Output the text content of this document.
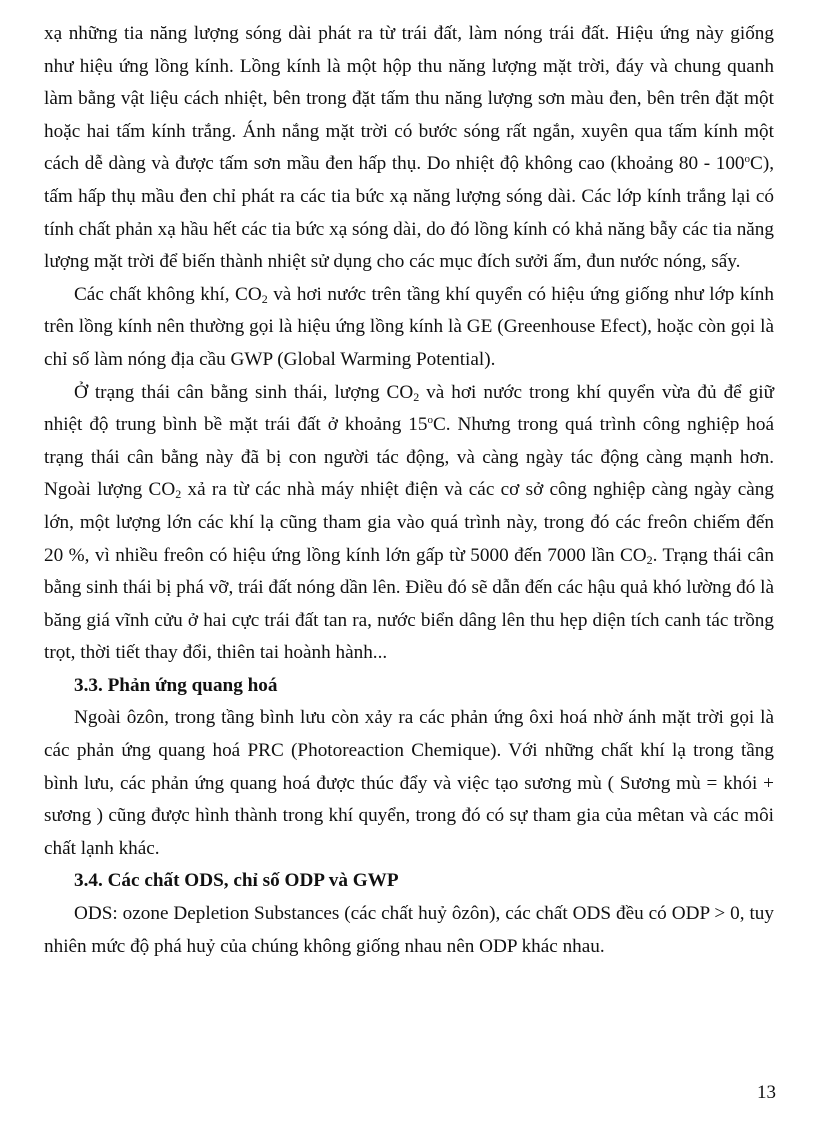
xạ những tia năng lượng sóng dài phát ra từ trái đất, làm nóng trái đất. Hiệu ứng này giống như hiệu ứng lồng kính. Lồng kính là một hộp thu năng lượng mặt trời, đáy và chung quanh làm bằng vật liệu cách nhiệt, bên trong đặt tấm thu năng lượng sơn màu đen, bên trên đặt một hoặc hai tấm kính trắng. Ánh nắng mặt trời có bước sóng rất ngắn, xuyên qua tấm kính một cách dễ dàng và được tấm sơn mầu đen hấp thụ. Do nhiệt độ không cao (khoảng 80 - 100$^o$C), tấm hấp thụ mầu đen chỉ phát ra các tia bức xạ năng lượng sóng dài. Các lớp kính trắng lại có tính chất phản xạ hầu hết các tia bức xạ sóng dài, do đó lồng kính có khả năng bẫy các tia năng lượng mặt trời để biến thành nhiệt sử dụng cho các mục đích sưởi ấm, đun nước nóng, sấy.

Các chất không khí, $CO_2$ và hơi nước trên tầng khí quyển có hiệu ứng giống như lớp kính trên lồng kính nên thường gọi là hiệu ứng lồng kính là GE (Greenhouse Efect), hoặc còn gọi là chỉ số làm nóng địa cầu GWP (Global Warming Potential).

Ở trạng thái cân bằng sinh thái, lượng $CO_2$ và hơi nước trong khí quyển vừa đủ để giữ nhiệt độ trung bình bề mặt trái đất ở khoảng 15$^o$C. Nhưng trong quá trình công nghiệp hoá trạng thái cân bằng này đã bị con người tác động, và càng ngày tác động càng mạnh hơn. Ngoài lượng $CO_2$ xả ra từ các nhà máy nhiệt điện và các cơ sở công nghiệp càng ngày càng lớn, một lượng lớn các khí lạ cũng tham gia vào quá trình này, trong đó các freôn chiếm đến 20 %, vì nhiều freôn có hiệu ứng lồng kính lớn gấp từ 5000 đến 7000 lần $CO_2$. Trạng thái cân bằng sinh thái bị phá vỡ, trái đất nóng dần lên. Điều đó sẽ dẫn đến các hậu quả khó lường đó là băng giá vĩnh cửu ở hai cực trái đất tan ra, nước biển dâng lên thu hẹp diện tích canh tác trồng trọt, thời tiết thay đổi, thiên tai hoành hành...

3.3. Phản ứng quang hoá

Ngoài ôzôn, trong tầng bình lưu còn xảy ra các phản ứng ôxi hoá nhờ ánh mặt trời gọi là các phản ứng quang hoá PRC (Photoreaction Chemique). Với những chất khí lạ trong tầng bình lưu, các phản ứng quang hoá được thúc đẩy và việc tạo sương mù ( Sương mù = khói + sương ) cũng được hình thành trong khí quyển, trong đó có sự tham gia của mêtan và các môi chất lạnh khác.

3.4. Các chất ODS, chỉ số ODP và GWP

ODS: ozone Depletion Substances (các chất huỷ ôzôn), các chất ODS đều có ODP > 0, tuy nhiên mức độ phá huỷ của chúng không giống nhau nên ODP khác nhau.

13
